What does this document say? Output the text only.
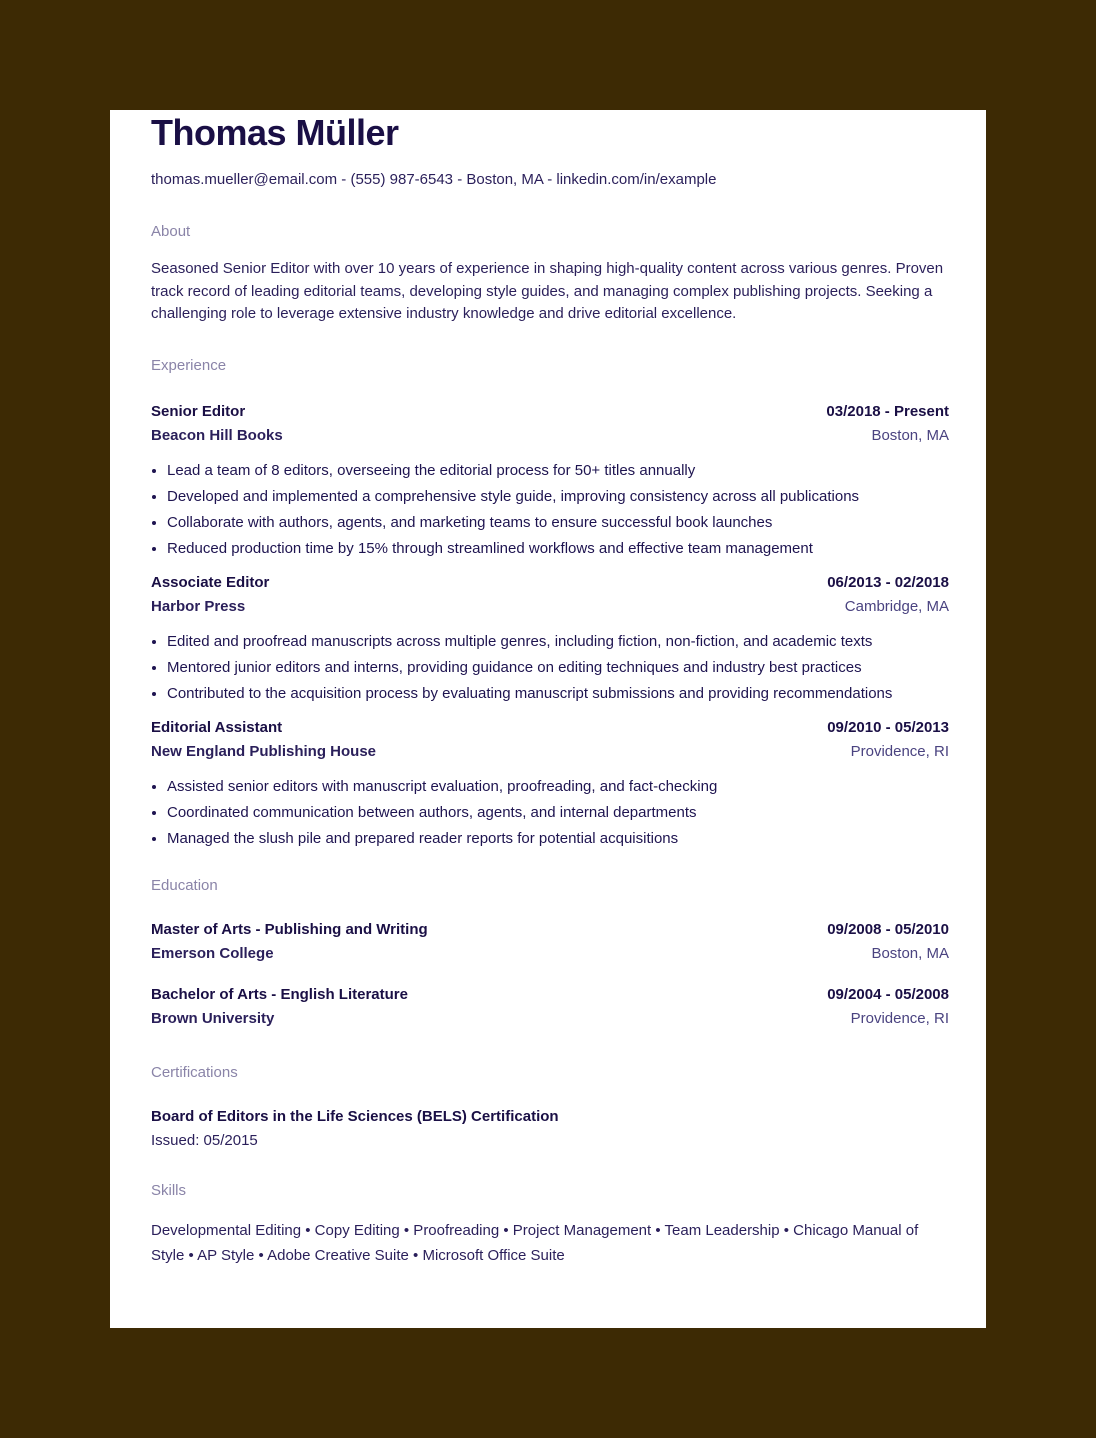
Thomas Müller
thomas.mueller@email.com - (555) 987-6543 - Boston, MA - linkedin.com/in/example
About

Seasoned Senior Editor with over 10 years of experience in shaping high-quality content across various genres. Proven track record of leading editorial teams, developing style guides, and managing complex publishing projects. Seeking a challenging role to leverage extensive industry knowledge and drive editorial excellence.

Experience
Senior Editor	03/2018 - Present
Beacon Hill Books	Boston, MA
• Lead a team of 8 editors, overseeing the editorial process for 50+ titles annually
• Developed and implemented a comprehensive style guide, improving consistency across all publications
• Collaborate with authors, agents, and marketing teams to ensure successful book launches
• Reduced production time by 15% through streamlined workflows and effective team management
Associate Editor	06/2013 - 02/2018
Harbor Press	Cambridge, MA
• Edited and proofread manuscripts across multiple genres, including fiction, non-fiction, and academic texts
• Mentored junior editors and interns, providing guidance on editing techniques and industry best practices
• Contributed to the acquisition process by evaluating manuscript submissions and providing recommendations
Editorial Assistant	09/2010 - 05/2013
New England Publishing House	Providence, RI
• Assisted senior editors with manuscript evaluation, proofreading, and fact-checking
• Coordinated communication between authors, agents, and internal departments
• Managed the slush pile and prepared reader reports for potential acquisitions
Education
Master of Arts - Publishing and Writing	09/2008 - 05/2010
Emerson College	Boston, MA
Bachelor of Arts - English Literature	09/2004 - 05/2008
Brown University	Providence, RI
Certifications
Board of Editors in the Life Sciences (BELS) Certification
Issued: 05/2015
Skills

Developmental Editing • Copy Editing • Proofreading • Project Management • Team Leadership • Chicago Manual of Style • AP Style • Adobe Creative Suite • Microsoft Office Suite
